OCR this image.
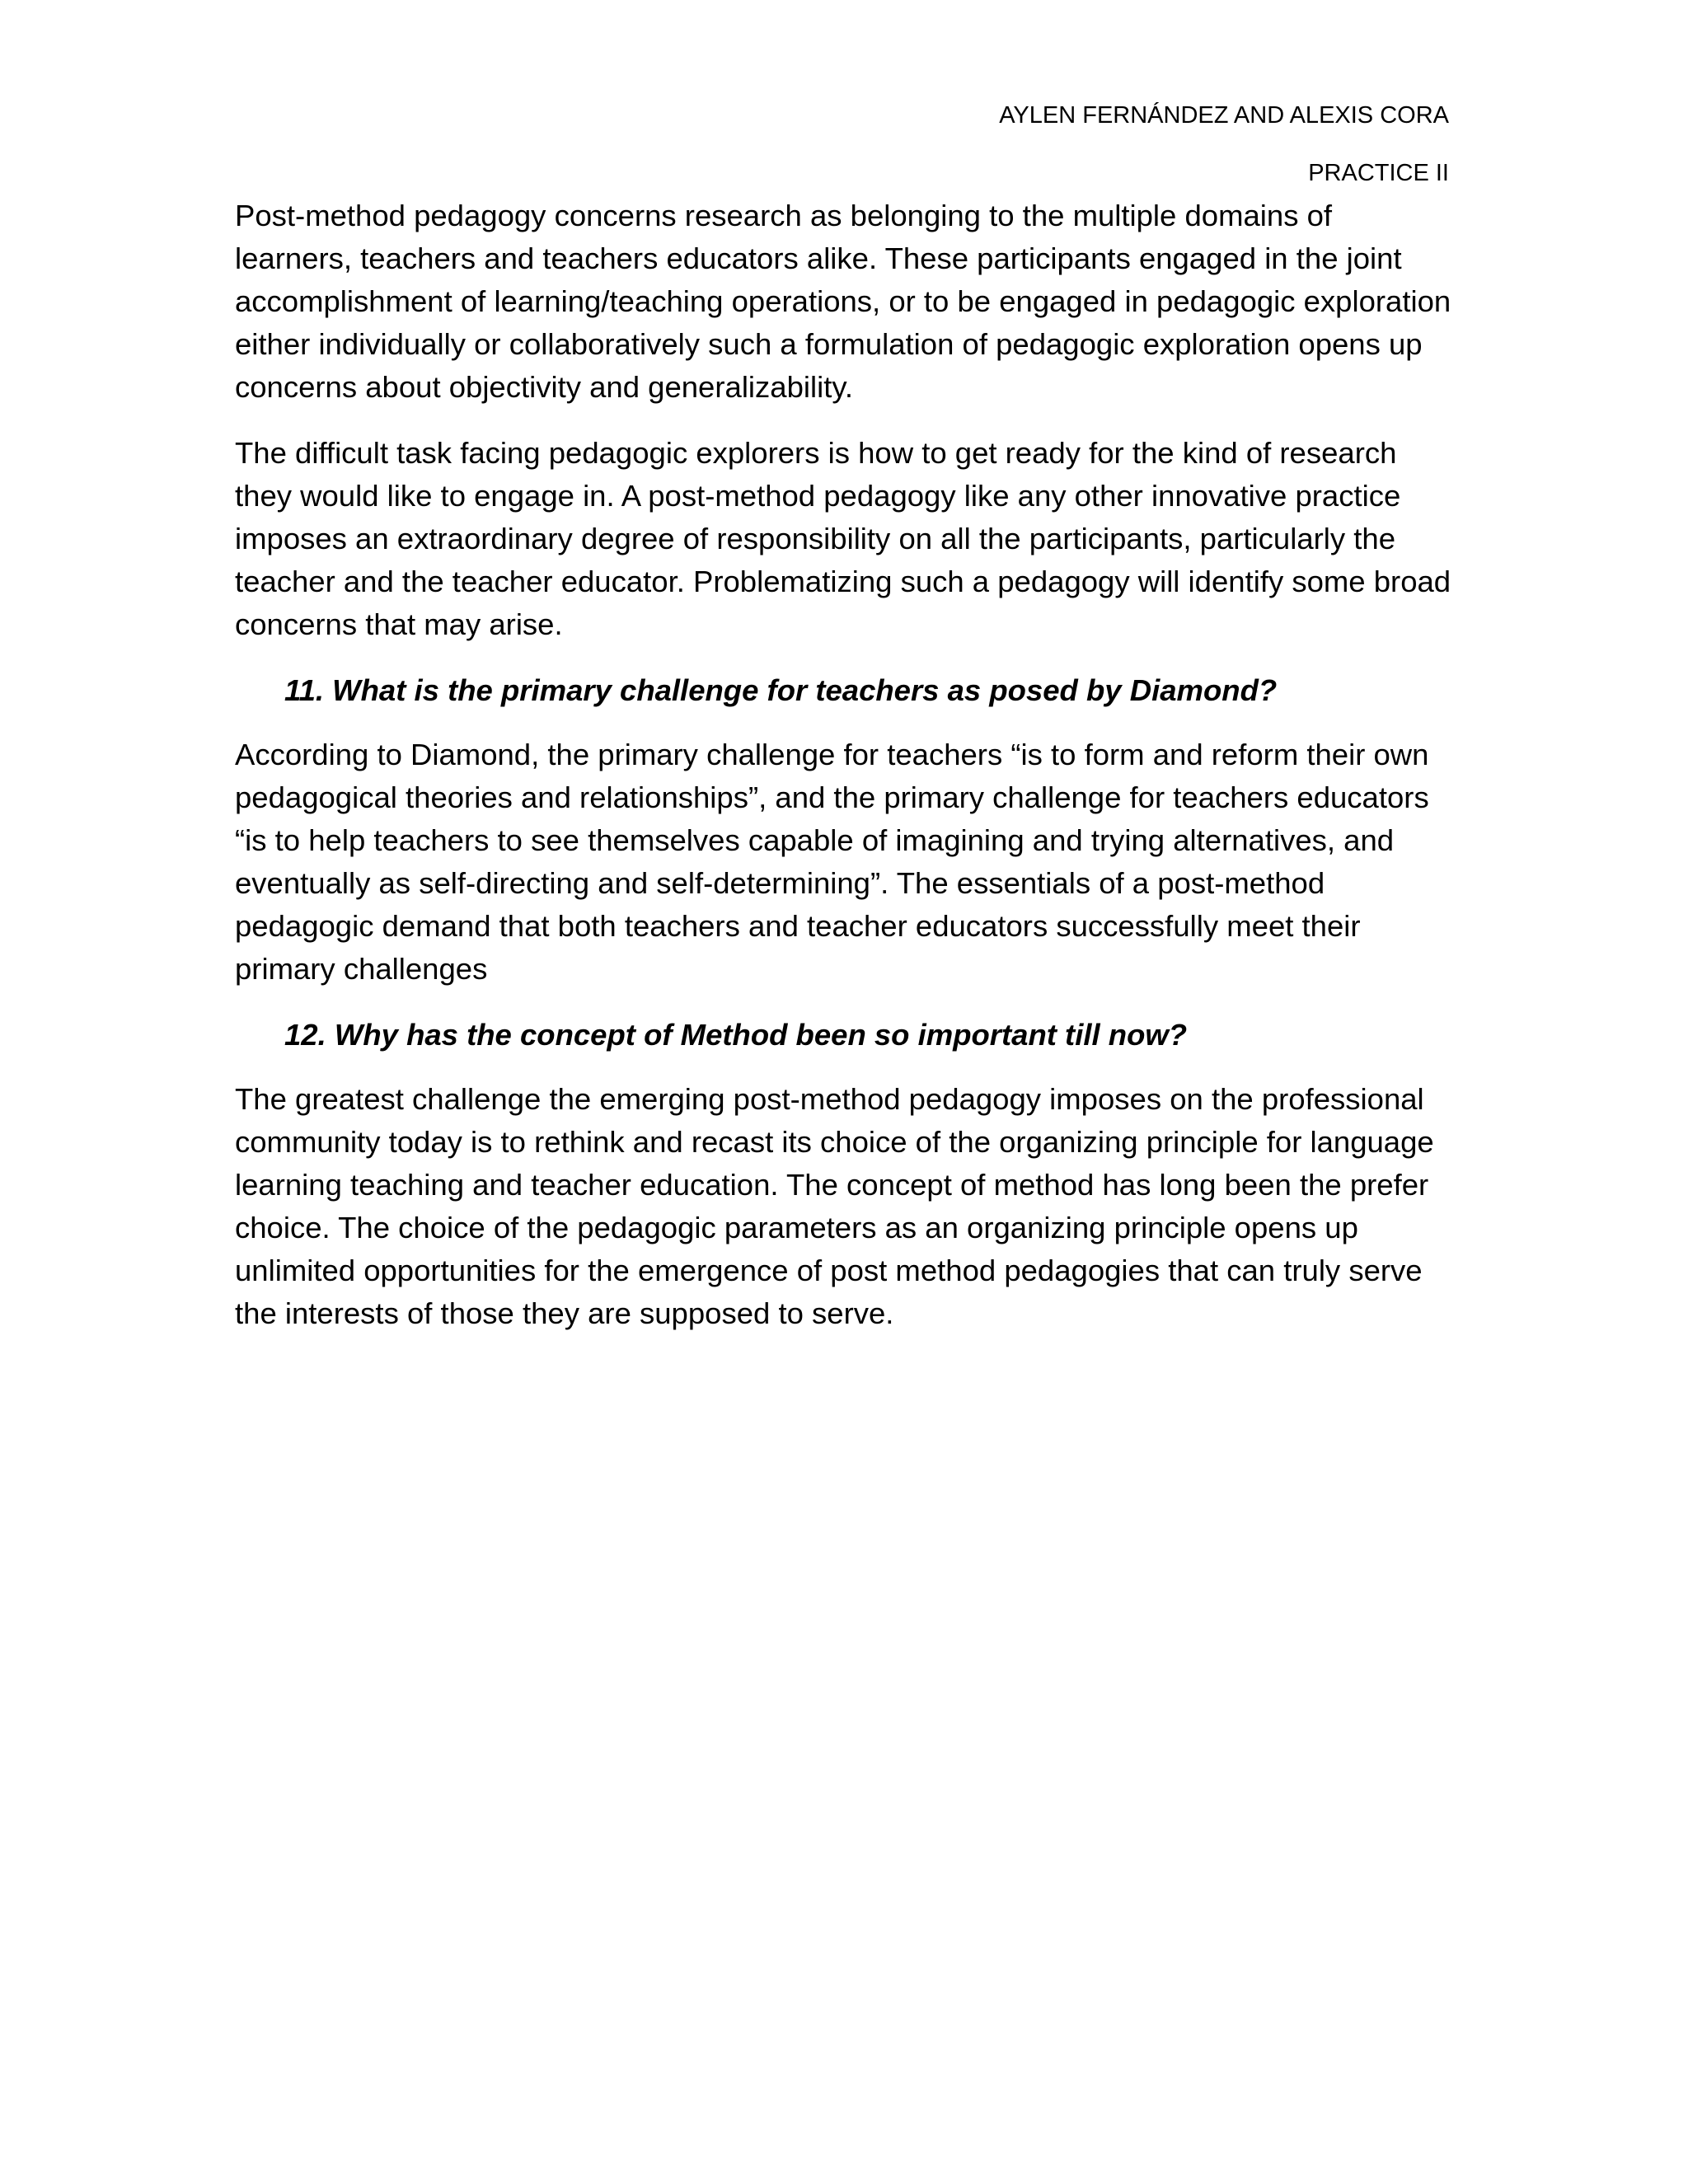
AYLEN FERNÁNDEZ AND ALEXIS CORA
PRACTICE II

Post-method pedagogy concerns research as belonging to the multiple domains of learners, teachers and teachers educators alike. These participants engaged in the joint accomplishment of learning/teaching operations, or to be engaged in pedagogic exploration either individually or collaboratively such a formulation of pedagogic exploration opens up concerns about objectivity and generalizability.

The difficult task facing pedagogic explorers is how to get ready for the kind of research they would like to engage in. A post-method pedagogy like any other innovative practice imposes an extraordinary degree of responsibility on all the participants, particularly the teacher and the teacher educator. Problematizing such a pedagogy will identify some broad concerns that may arise.

11. What is the primary challenge for teachers as posed by Diamond?

According to Diamond, the primary challenge for teachers “is to form and reform their own pedagogical theories and relationships”, and the primary challenge for teachers educators “is to help teachers to see themselves capable of imagining and trying alternatives, and eventually as self-directing and self-determining”. The essentials of a post-method pedagogic demand that both teachers and teacher educators successfully meet their primary challenges

12. Why has the concept of Method been so important till now?

The greatest challenge the emerging post-method pedagogy imposes on the professional community today is to rethink and recast its choice of the organizing principle for language learning teaching and teacher education. The concept of method has long been the prefer choice. The choice of the pedagogic parameters as an organizing principle opens up unlimited opportunities for the emergence of post method pedagogies that can truly serve the interests of those they are supposed to serve.
